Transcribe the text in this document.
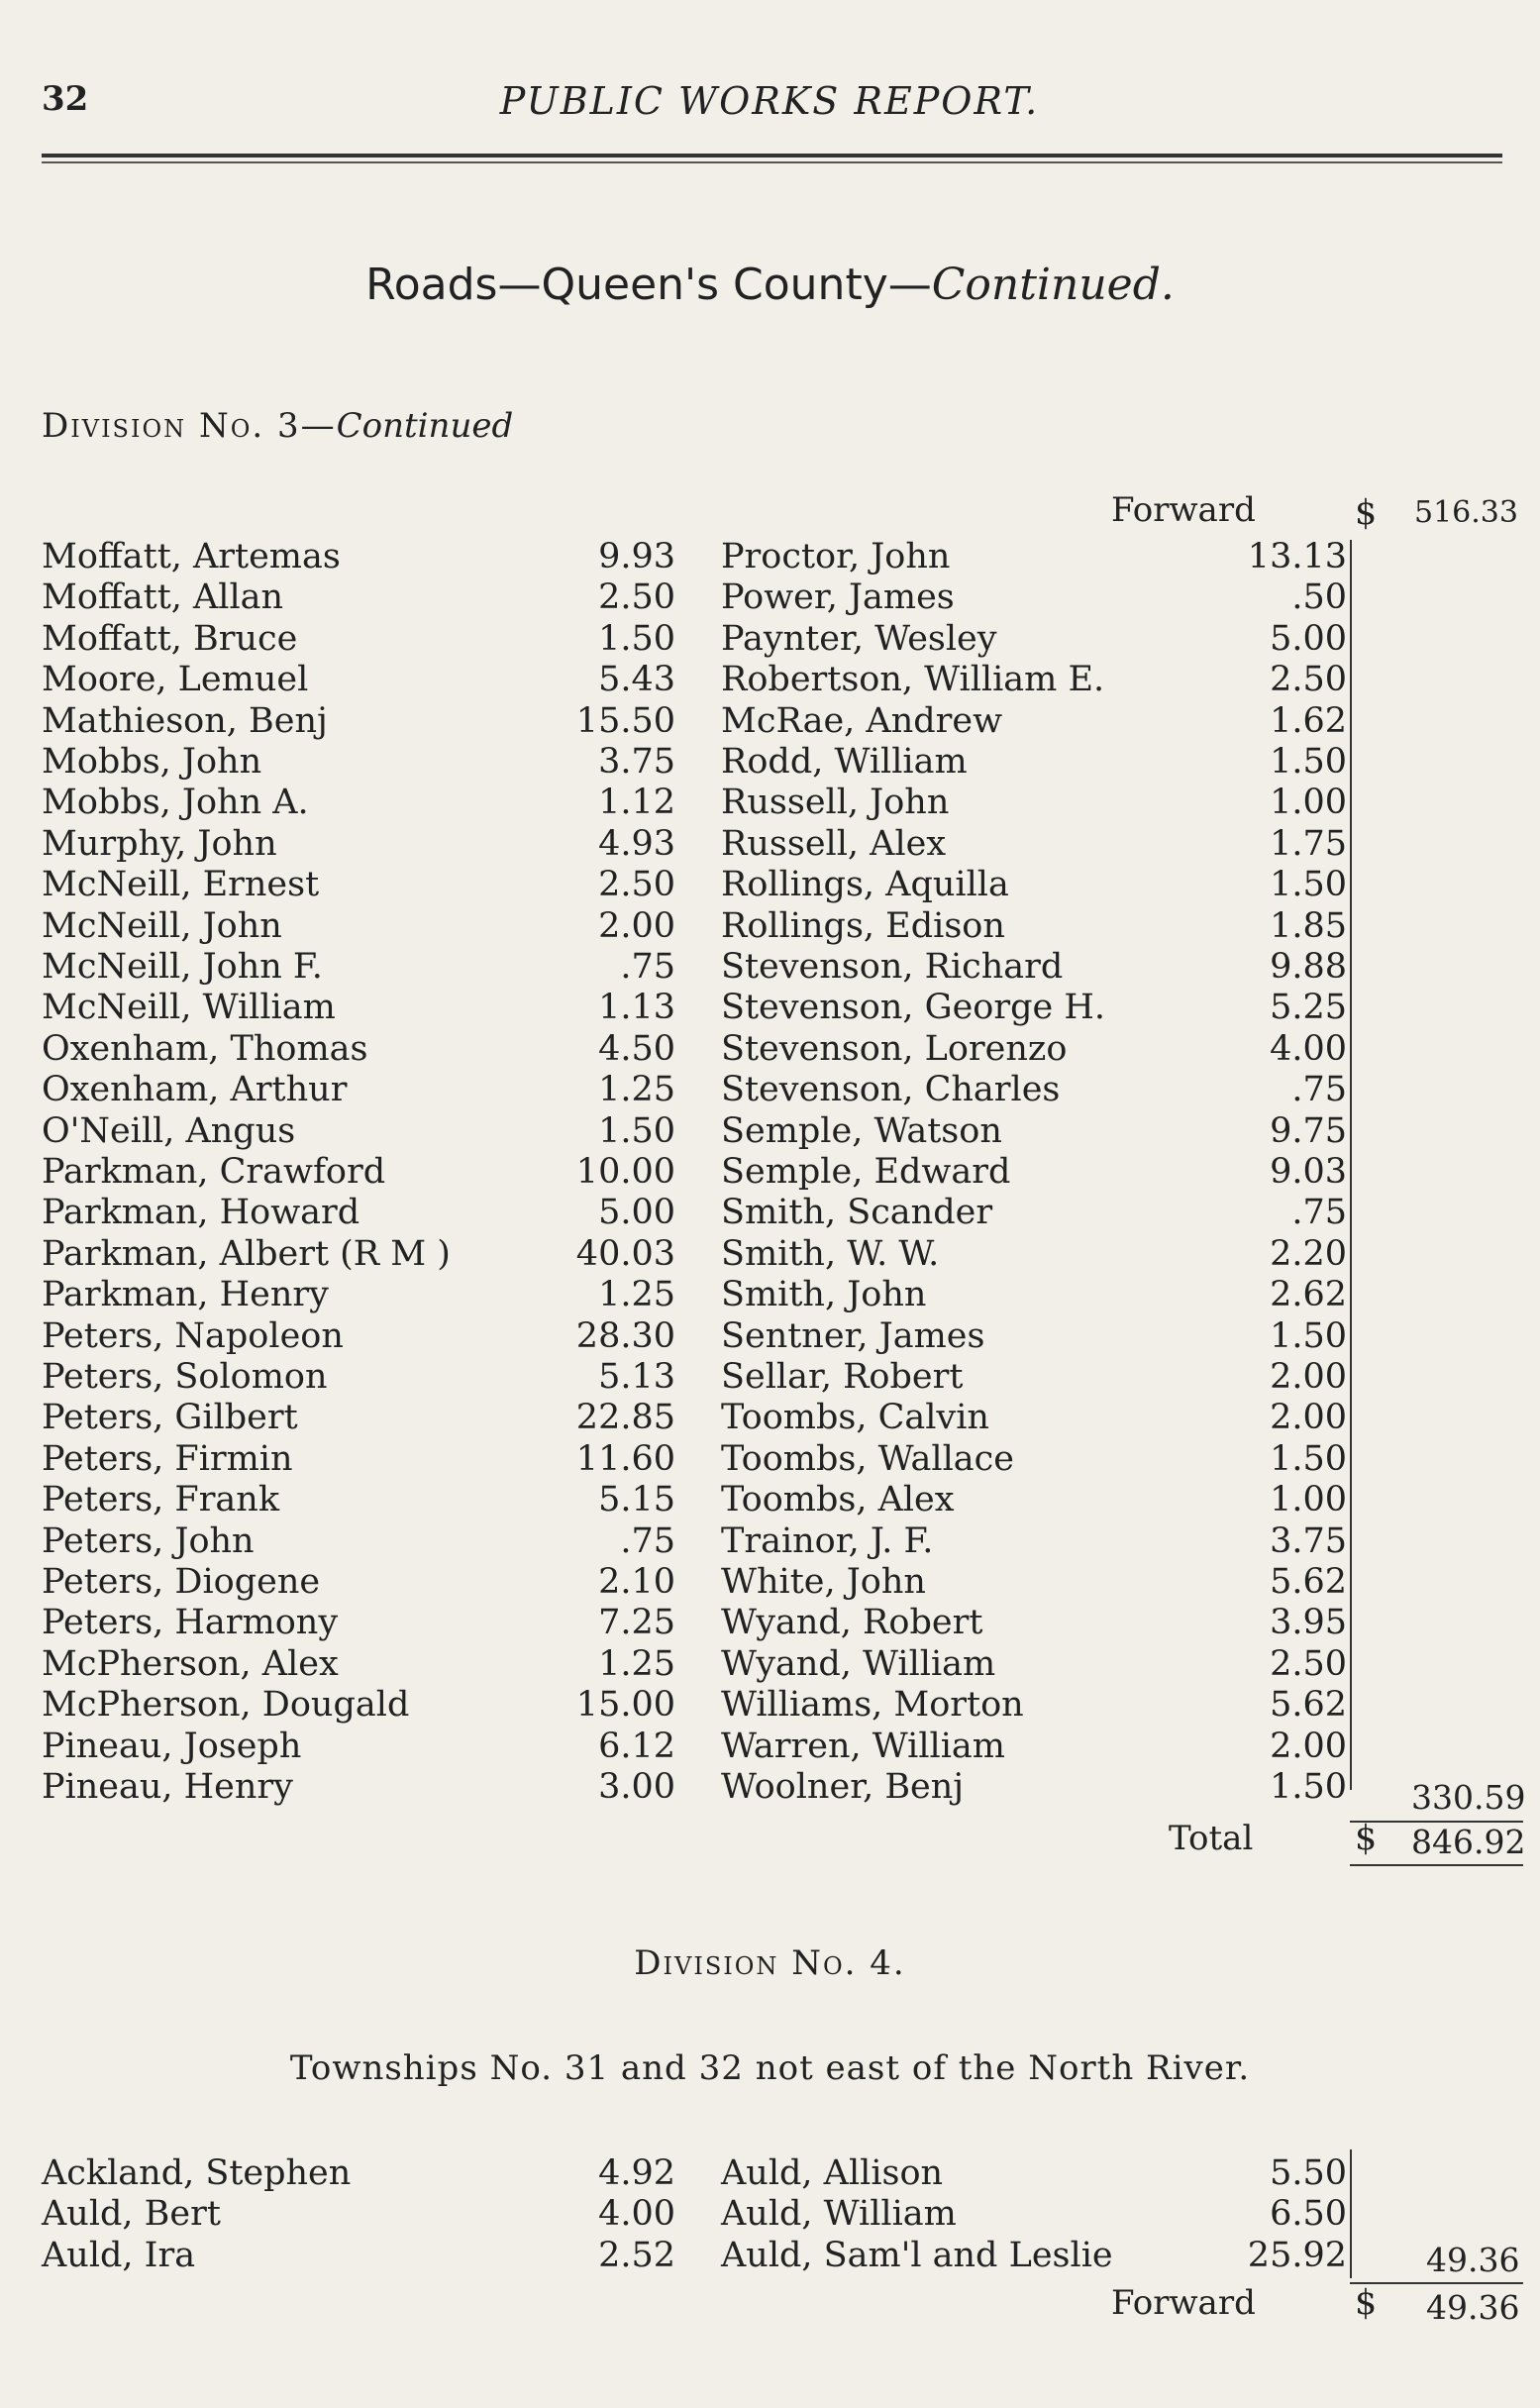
32	PUBLIC WORKS REPORT.
Roads—Queen's County—Continued.
Division No. 3—Continued
Forward	$ 516.33
Moffatt, Artemas	9.93
Moffatt, Allan	2.50
Moffatt, Bruce	1.50
Moore, Lemuel	5.43
Mathieson, Benj	15.50
Mobbs, John	3.75
Mobbs, John A.	1.12
Murphy, John	4.93
McNeill, Ernest	2.50
McNeill, John	2.00
McNeill, John F.	.75
McNeill, William	1.13
Oxenham, Thomas	4.50
Oxenham, Arthur	1.25
O'Neill, Angus	1.50
Parkman, Crawford	10.00
Parkman, Howard	5.00
Parkman, Albert (R M )	40.03
Parkman, Henry	1.25
Peters, Napoleon	28.30
Peters, Solomon	5.13
Peters, Gilbert	22.85
Peters, Firmin	11.60
Peters, Frank	5.15
Peters, John	.75
Peters, Diogene	2.10
Peters, Harmony	7.25
McPherson, Alex	1.25
McPherson, Dougald	15.00
Pineau, Joseph	6.12
Pineau, Henry	3.00
Proctor, John	13.13
Power, James	.50
Paynter, Wesley	5.00
Robertson, William E.	2.50
McRae, Andrew	1.62
Rodd, William	1.50
Russell, John	1.00
Russell, Alex	1.75
Rollings, Aquilla	1.50
Rollings, Edison	1.85
Stevenson, Richard	9.88
Stevenson, George H.	5.25
Stevenson, Lorenzo	4.00
Stevenson, Charles	.75
Semple, Watson	9.75
Semple, Edward	9.03
Smith, Scander	.75
Smith, W. W.	2.20
Smith, John	2.62
Sentner, James	1.50
Sellar, Robert	2.00
Toombs, Calvin	2.00
Toombs, Wallace	1.50
Toombs, Alex	1.00
Trainor, J. F.	3.75
White, John	5.62
Wyand, Robert	3.95
Wyand, William	2.50
Williams, Morton	5.62
Warren, William	2.00
Woolner, Benj	1.50 330.59
Total	$ 846.92
Division No. 4.
Townships No. 31 and 32 not east of the North River.
Ackland, Stephen	4.92
Auld, Bert	4.00
Auld, Ira	2.52
Auld, Allison	5.50
Auld, William	6.50
Auld, Sam'l and Leslie	25.92 49.36
Forward	$ 49.36
